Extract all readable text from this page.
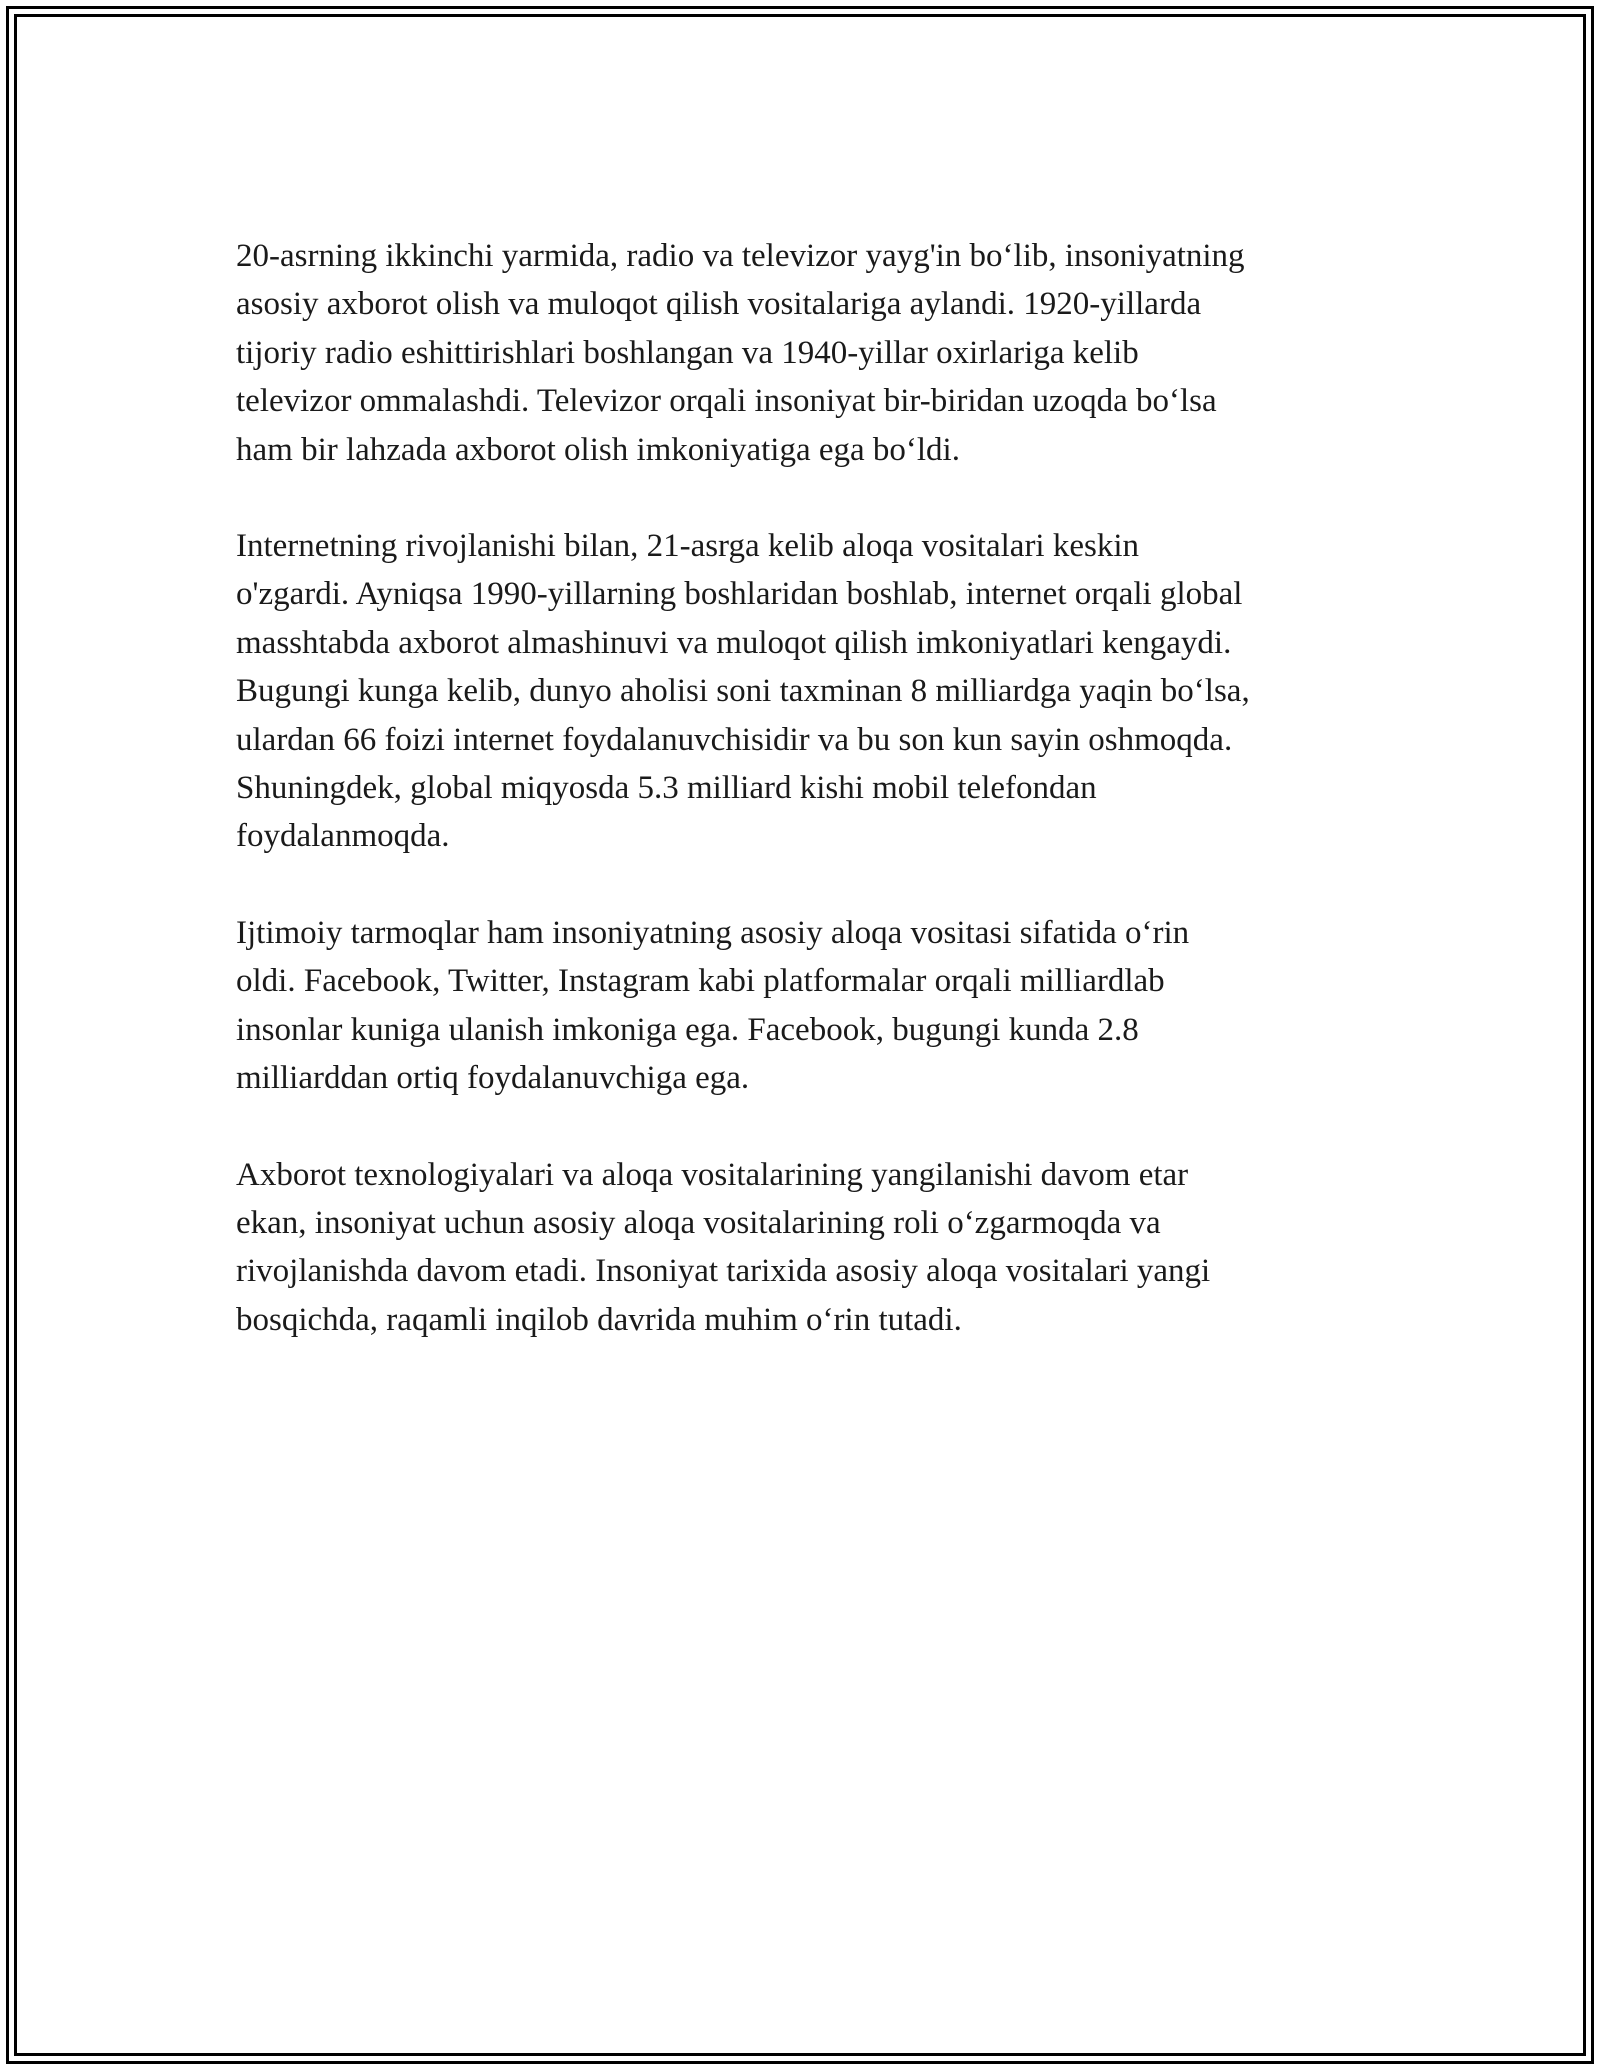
20-asrning ikkinchi yarmida, radio va televizor yayg'in bo‘lib, insoniyatning
asosiy axborot olish va muloqot qilish vositalariga aylandi. 1920-yillarda
tijoriy radio eshittirishlari boshlangan va 1940-yillar oxirlariga kelib
televizor ommalashdi. Televizor orqali insoniyat bir-biridan uzoqda bo‘lsa
ham bir lahzada axborot olish imkoniyatiga ega bo‘ldi.

Internetning rivojlanishi bilan, 21-asrga kelib aloqa vositalari keskin
o'zgardi. Ayniqsa 1990-yillarning boshlaridan boshlab, internet orqali global
masshtabda axborot almashinuvi va muloqot qilish imkoniyatlari kengaydi.
Bugungi kunga kelib, dunyo aholisi soni taxminan 8 milliardga yaqin bo‘lsa,
ulardan 66 foizi internet foydalanuvchisidir va bu son kun sayin oshmoqda.
Shuningdek, global miqyosda 5.3 milliard kishi mobil telefondan
foydalanmoqda.

Ijtimoiy tarmoqlar ham insoniyatning asosiy aloqa vositasi sifatida o‘rin
oldi. Facebook, Twitter, Instagram kabi platformalar orqali milliardlab
insonlar kuniga ulanish imkoniga ega. Facebook, bugungi kunda 2.8
milliarddan ortiq foydalanuvchiga ega.

Axborot texnologiyalari va aloqa vositalarining yangilanishi davom etar
ekan, insoniyat uchun asosiy aloqa vositalarining roli o‘zgarmoqda va
rivojlanishda davom etadi. Insoniyat tarixida asosiy aloqa vositalari yangi
bosqichda, raqamli inqilob davrida muhim o‘rin tutadi.
